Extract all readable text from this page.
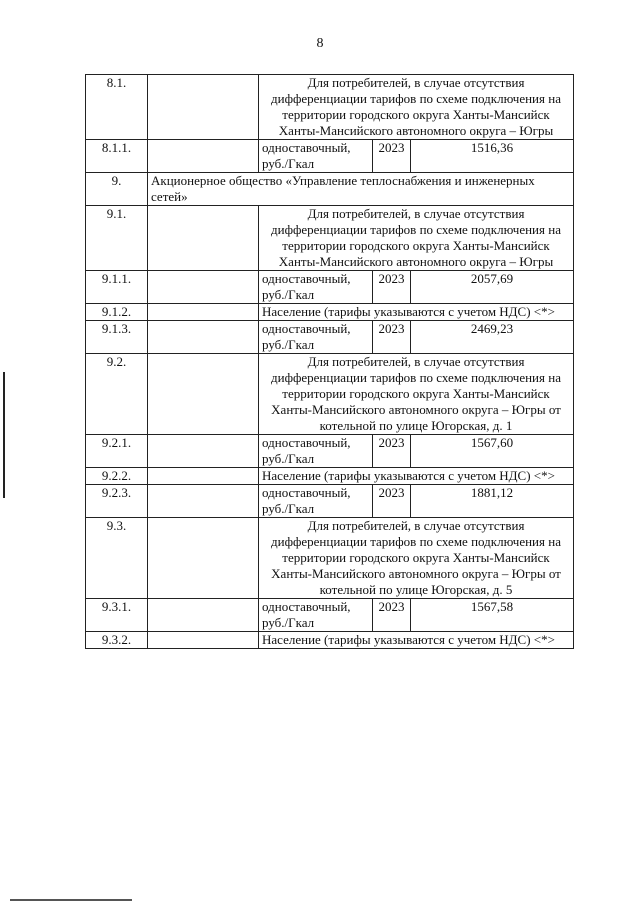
8
8.1.		Для потребителей, в случае отсутствия дифференциации тарифов по схеме подключения на территории городского округа Ханты-Мансийск Ханты-Мансийского автономного округа – Югры		
8.1.1.		одноставочный, руб./Гкал	2023	1516,36
9.	Акционерное общество «Управление теплоснабжения и инженерных сетей»			
9.1.		Для потребителей, в случае отсутствия дифференциации тарифов по схеме подключения на территории городского округа Ханты-Мансийск Ханты-Мансийского автономного округа – Югры		
9.1.1.		одноставочный, руб./Гкал	2023	2057,69
9.1.2.		Население (тарифы указываются с учетом НДС) <*>		
9.1.3.		одноставочный, руб./Гкал	2023	2469,23
9.2.		Для потребителей, в случае отсутствия дифференциации тарифов по схеме подключения на территории городского округа Ханты-Мансийск Ханты-Мансийского автономного округа – Югры от котельной по улице Югорская, д. 1		
9.2.1.		одноставочный, руб./Гкал	2023	1567,60
9.2.2.		Население (тарифы указываются с учетом НДС) <*>		
9.2.3.		одноставочный, руб./Гкал	2023	1881,12
9.3.		Для потребителей, в случае отсутствия дифференциации тарифов по схеме подключения на территории городского округа Ханты-Мансийск Ханты-Мансийского автономного округа – Югры от котельной по улице Югорская, д. 5		
9.3.1.		одноставочный, руб./Гкал	2023	1567,58
9.3.2.		Население (тарифы указываются с учетом НДС) <*>		
